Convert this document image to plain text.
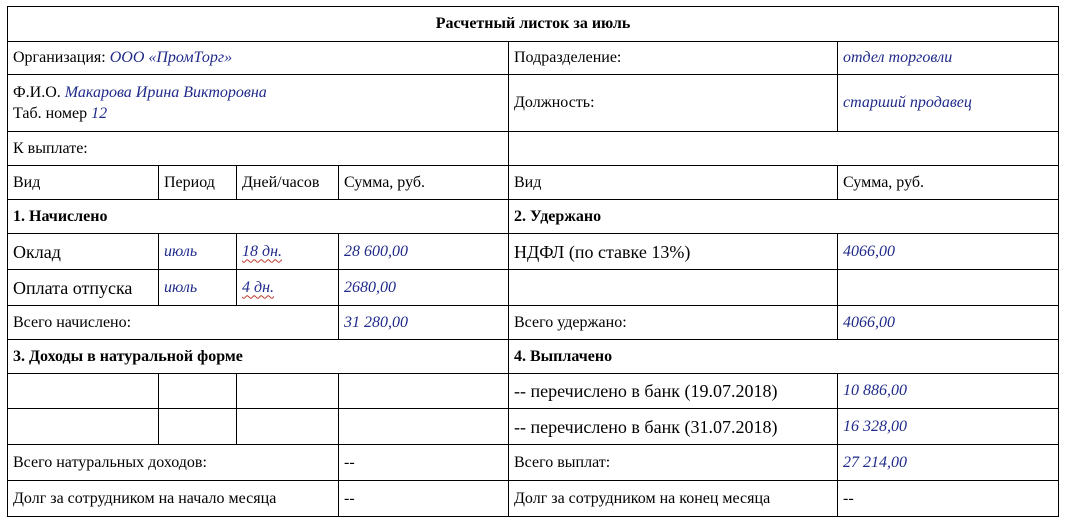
Расчетный листок за июль					
Организация: ООО «ПромТорг»				Подразделение:	отдел торговли
Ф.И.О. Макарова Ирина Викторовна
Таб. номер 12				Должность:	старший продавец
К выплате:					
Вид	Период	Дней/часов	Сумма, руб.	Вид	Сумма, руб.
1. Начислено				2. Удержано	
Оклад	июль	18 дн.	28 600,00	НДФЛ (по ставке 13%)	4066,00
Оплата отпуска	июль	4 дн.	2680,00		
Всего начислено:			31 280,00	Всего удержано:	4066,00
3. Доходы в натуральной форме				4. Выплачено	
				-- перечислено в банк (19.07.2018)	10 886,00
				-- перечислено в банк (31.07.2018)	16 328,00
Всего натуральных доходов:			--	Всего выплат:	27 214,00
Долг за сотрудником на начало месяца			--	Долг за сотрудником на конец месяца	--
